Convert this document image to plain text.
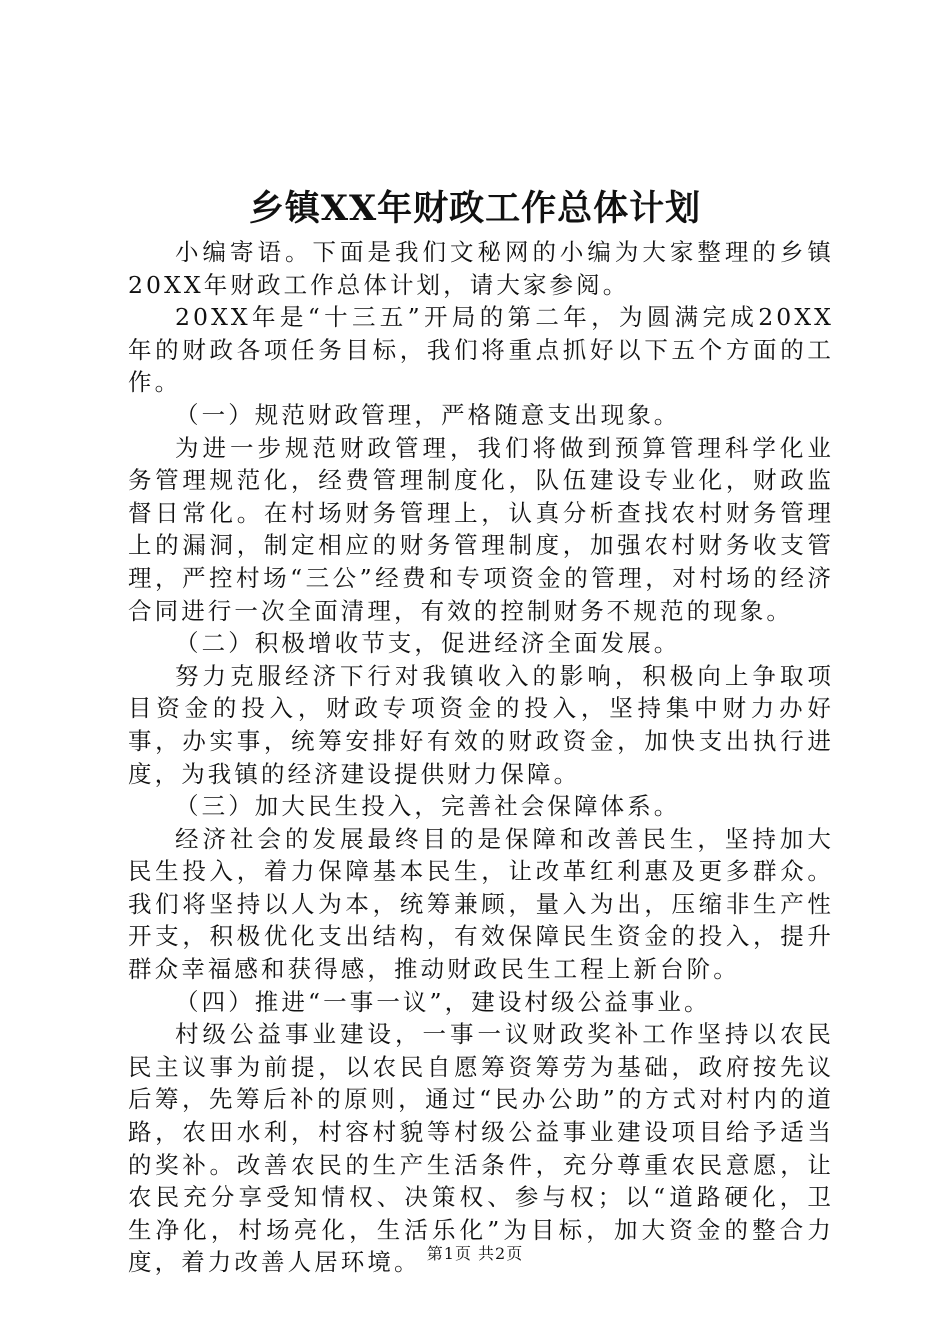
乡镇XX年财政工作总体计划

小编寄语。下面是我们文秘网的小编为大家整理的乡镇20XX年财政工作总体计划，请大家参阅。

20XX年是“十三五”开局的第二年，为圆满完成20XX年的财政各项任务目标，我们将重点抓好以下五个方面的工作。

（一）规范财政管理，严格随意支出现象。

为进一步规范财政管理，我们将做到预算管理科学化业务管理规范化，经费管理制度化，队伍建设专业化，财政监督日常化。在村场财务管理上，认真分析查找农村财务管理上的漏洞，制定相应的财务管理制度，加强农村财务收支管理，严控村场“三公”经费和专项资金的管理，对村场的经济合同进行一次全面清理，有效的控制财务不规范的现象。

（二）积极增收节支，促进经济全面发展。

努力克服经济下行对我镇收入的影响，积极向上争取项目资金的投入，财政专项资金的投入，坚持集中财力办好事，办实事，统筹安排好有效的财政资金，加快支出执行进度，为我镇的经济建设提供财力保障。

（三）加大民生投入，完善社会保障体系。

经济社会的发展最终目的是保障和改善民生，坚持加大民生投入，着力保障基本民生，让改革红利惠及更多群众。我们将坚持以人为本，统筹兼顾，量入为出，压缩非生产性开支，积极优化支出结构，有效保障民生资金的投入，提升群众幸福感和获得感，推动财政民生工程上新台阶。

（四）推进“一事一议”，建设村级公益事业。

村级公益事业建设，一事一议财政奖补工作坚持以农民民主议事为前提，以农民自愿筹资筹劳为基础，政府按先议后筹，先筹后补的原则，通过“民办公助”的方式对村内的道路，农田水利，村容村貌等村级公益事业建设项目给予适当的奖补。改善农民的生产生活条件，充分尊重农民意愿，让农民充分享受知情权、决策权、参与权；以“道路硬化，卫生净化，村场亮化，生活乐化”为目标，加大资金的整合力度，着力改善人居环境。 第1页 共2页
